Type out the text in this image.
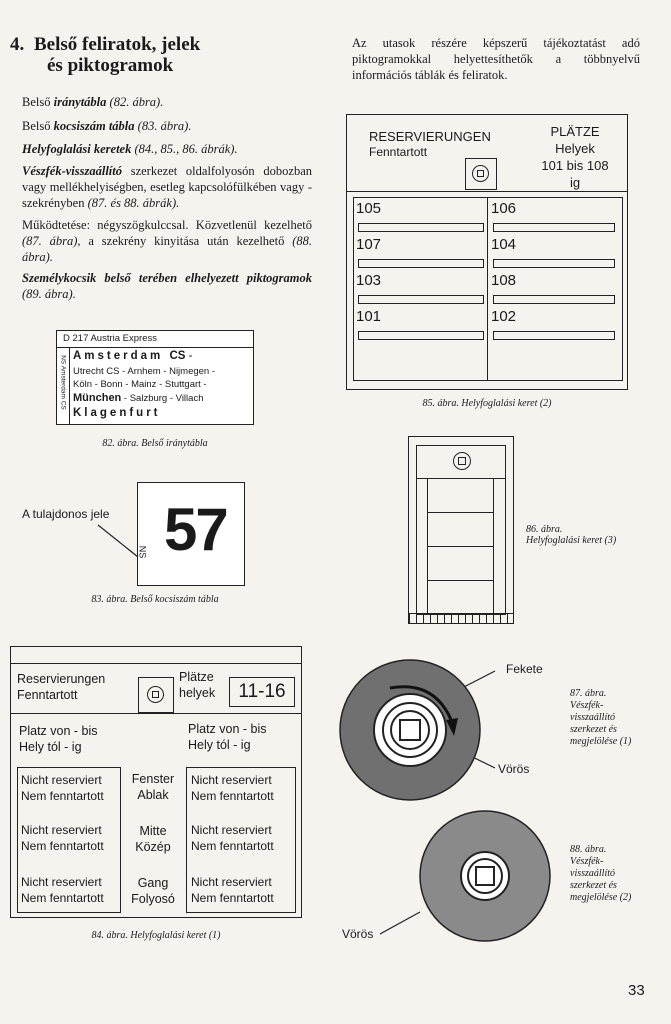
4. Belső feliratok, jelek
és piktogramok
Az utasok részére képszerű tájékoztatást adó piktogramokkal helyettesíthetők a többnyelvű információs táblák és feliratok.
Belső iránytábla (82. ábra).
Belső kocsiszám tábla (83. ábra).
Helyfoglalási keretek (84., 85., 86. ábrák).
Vészfék-visszaállító szerkezet oldalfolyosón dobozban vagy mellékhelyiségben, esetleg kapcsolófülkében vagy -szekrényben (87. és 88. ábrák).
Működtetése: négyszögkulccsal. Közvetlenül kezelhető (87. ábra), a szekrény kinyitása után kezelhető (88. ábra).
Személykocsik belső terében elhelyezett piktogramok (89. ábra).
D 217 Austria Express
NS Amsterdam CS Amsterdam CS -
Utrecht CS - Arnhem - Nijmegen -
Köln - Bonn - Mainz - Stuttgart -
München - Salzburg - Villach
Klagenfurt
82. ábra. Belső iránytábla
57
NS
A tulajdonos jele
83. ábra. Belső kocsiszám tábla
RESERVIERUNGEN
Fenntartott
PLÄTZE
Helyek
101 bis 108
ig
105
107
103
101
106
104
108
102
85. ábra. Helyfoglalási keret (2)
86. ábra.
Helyfoglalási keret (3)
Reservierungen
Fenntartott
Plätze
helyek	11-16
Platz von - bis
Hely tól - ig
Platz von - bis
Hely tól - ig
Nicht reserviert
Nem fenntartott
Nicht reserviert
Nem fenntartott
Nicht reserviert
Nem fenntartott
Fenster
Ablak
Mitte
Közép
Gang
Folyosó
Nicht reserviert
Nem fenntartott
Nicht reserviert
Nem fenntartott
Nicht reserviert
Nem fenntartott
84. ábra. Helyfoglalási keret (1)
Fekete
Vörös
87. ábra.
Vészfék-
visszaállító
szerkezet és
megjelölése (1)
Vörös
88. ábra.
Vészfék-
visszaállító
szerkezet és
megjelölése (2)
33
